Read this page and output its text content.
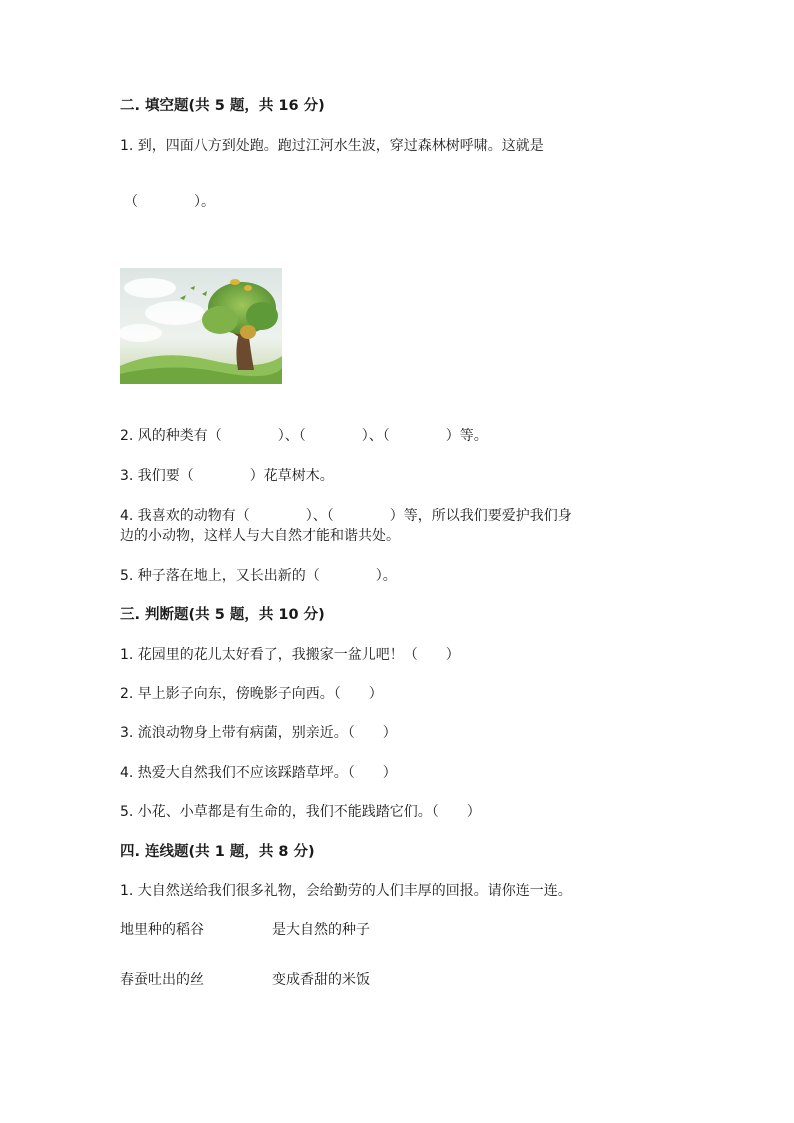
二. 填空题(共 5 题，共 16 分)

1. 到，四面八方到处跑。跑过江河水生波，穿过森林树呼啸。这就是

（　　　　）。

2. 风的种类有（　　　　）、（　　　　）、（　　　　）等。

3. 我们要（　　　　）花草树木。

4. 我喜欢的动物有（　　　　）、（　　　　）等，所以我们要爱护我们身
边的小动物，这样人与大自然才能和谐共处。

5. 种子落在地上，又长出新的（　　　　）。

三. 判断题(共 5 题，共 10 分)

1. 花园里的花儿太好看了，我搬家一盆儿吧！（　　）

2. 早上影子向东，傍晚影子向西。（　　）

3. 流浪动物身上带有病菌，别亲近。（　　）

4. 热爱大自然我们不应该踩踏草坪。（　　）

5. 小花、小草都是有生命的，我们不能践踏它们。（　　）

四. 连线题(共 1 题，共 8 分)

1. 大自然送给我们很多礼物，会给勤劳的人们丰厚的回报。请你连一连。

地里种的稻谷	是大自然的种子

春蚕吐出的丝	变成香甜的米饭
